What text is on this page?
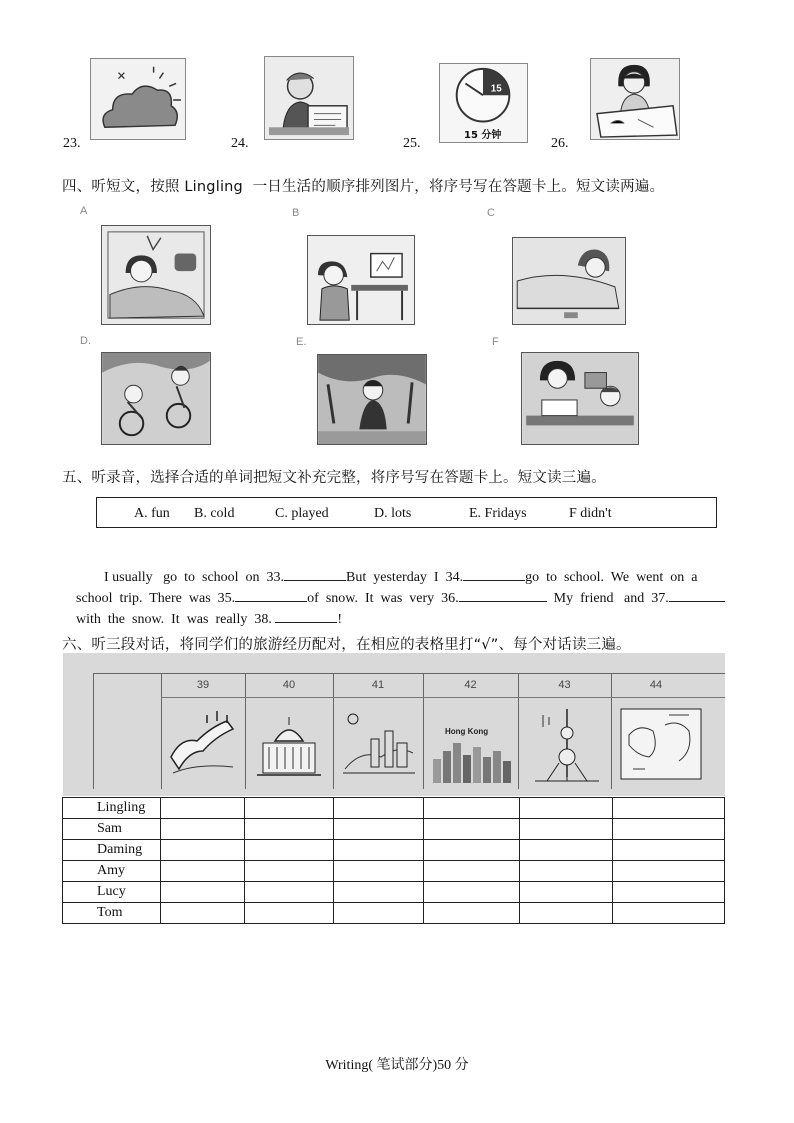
23.	24.
15
15 分钟
25.	26.
四、听短文，按照 Lingling  一日生活的顺序排列图片，将序号写在答题卡上。短文读两遍。
A	B	C
D.	E.	F
五、听录音，选择合适的单词把短文补充完整，将序号写在答题卡上。短文读三遍。
A. fun B. cold	C. played	D. lots	E. Fridays	F didn't

I usually   go  to  school  on  33.	But  yesterday  I  34.	go  to  school.  We  went  on  a

school  trip.  There  was  35.	of  snow.  It  was  very  36.	My  friend   and  37.

with  the  snow.  It  was  really  38.	!

六、听三段对话，将同学们的旅游经历配对，在相应的表格里打“√”、每个对话读三遍。
39	40	41	42	43	44
Hong Kong
Lingling						
Sam						
Daming						
Amy						
Lucy						
Tom						
Writing( 笔试部分)50 分
